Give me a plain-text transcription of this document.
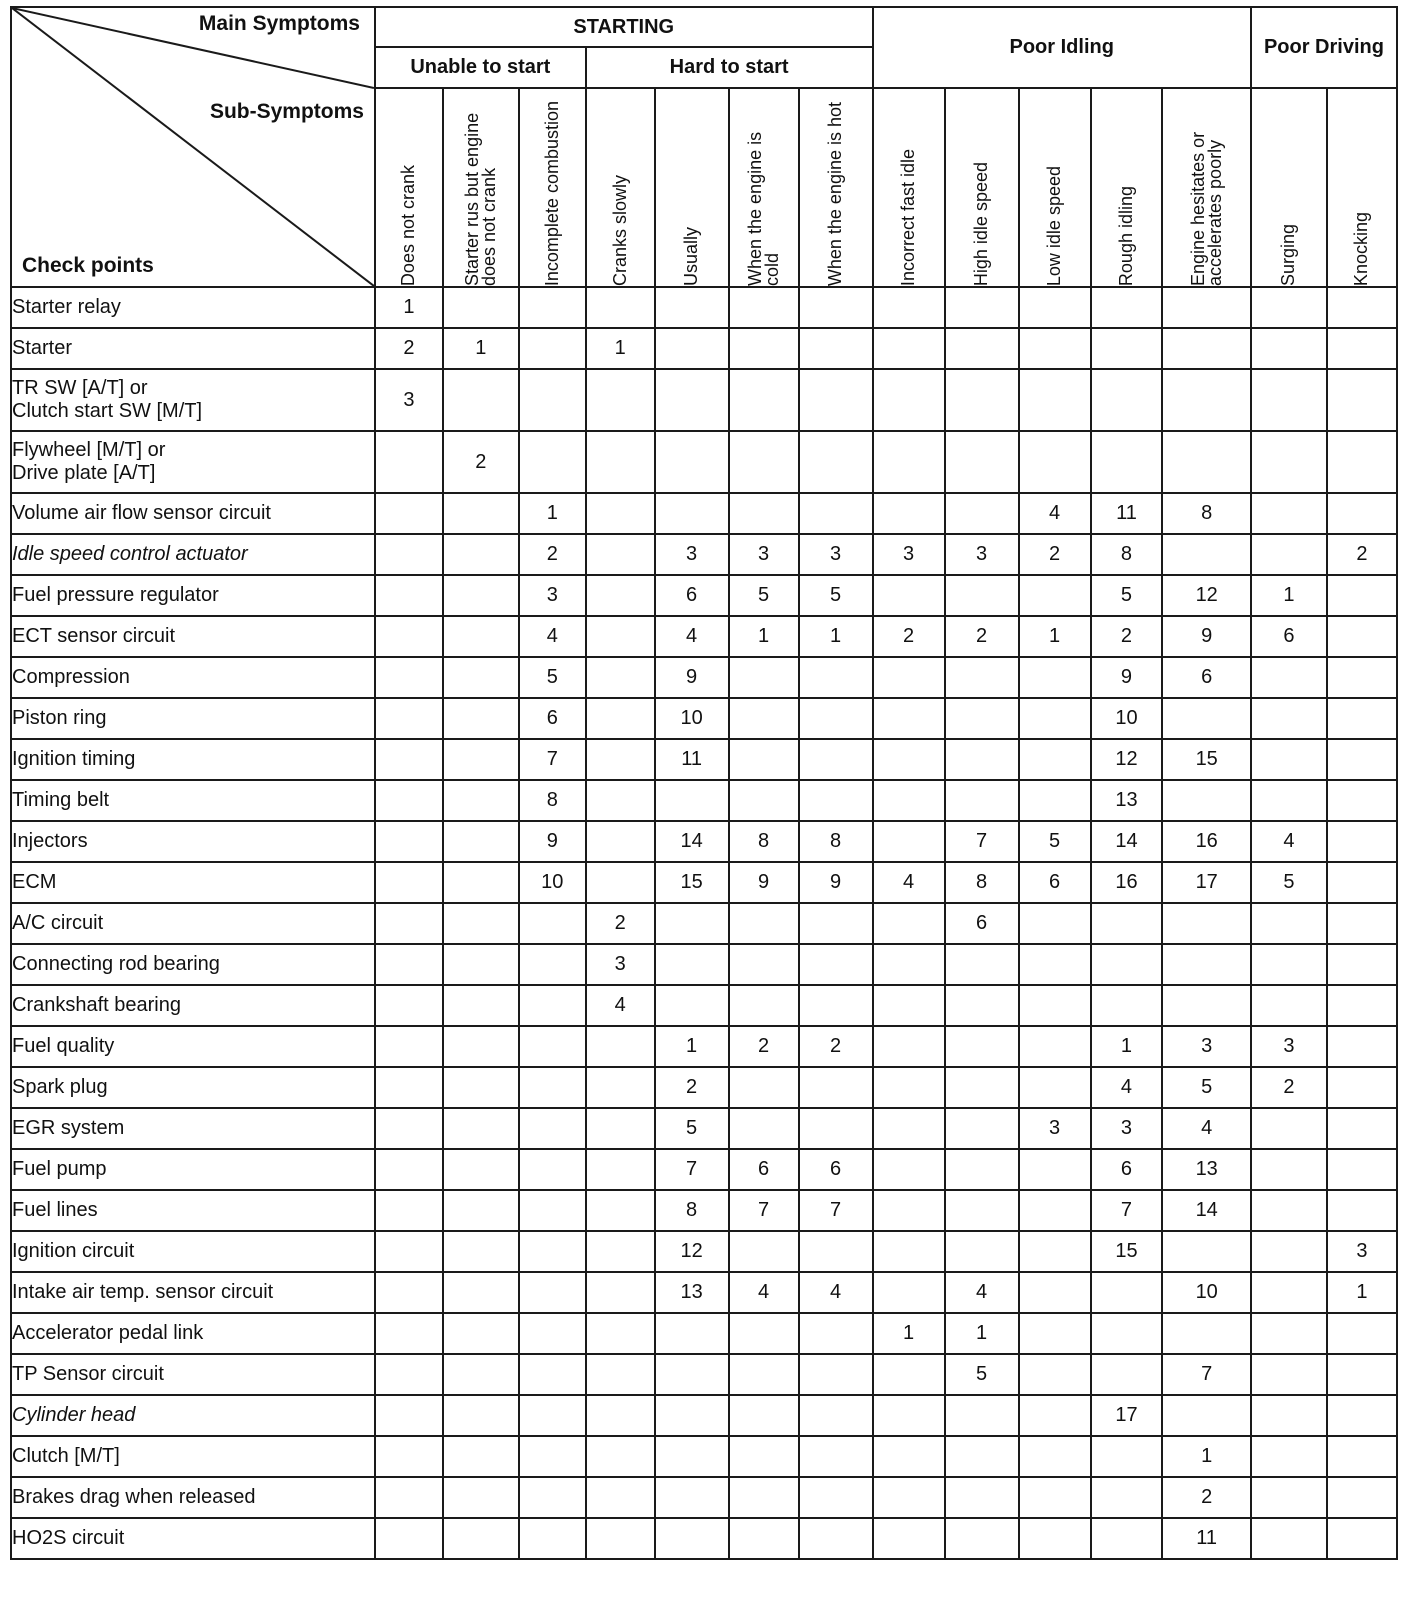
Main Symptoms
Sub-Symptoms
Check points	STARTING							Poor Idling					Poor Driving	
	Unable to start			Hard to start										

	Does not crank	Starter rus but engine does not crank	Incomplete combustion	Cranks slowly	Usually	When the engine is cold	When the engine is hot	Incorrect fast idle	High idle speed	Low idle speed	Rough idling	Engine hesitates or accelerates poorly	Surging	Knocking

Starter relay	1													

Starter	2	1		1										

TR SW [A/T] or
Clutch start SW [M/T]	3													

Flywheel [M/T] or
Drive plate [A/T]		2												

Volume air flow sensor circuit			1							4	11	8		

Idle speed control actuator			2		3	3	3	3	3	2	8			2

Fuel pressure regulator			3		6	5	5				5	12	1	

ECT sensor circuit			4		4	1	1	2	2	1	2	9	6	

Compression			5		9						9	6		

Piston ring			6		10						10			

Ignition timing			7		11						12	15		

Timing belt			8								13			

Injectors			9		14	8	8		7	5	14	16	4	

ECM			10		15	9	9	4	8	6	16	17	5	

A/C circuit				2					6					

Connecting rod bearing				3										

Crankshaft bearing				4										

Fuel quality					1	2	2				1	3	3	

Spark plug					2						4	5	2	

EGR system					5					3	3	4		

Fuel pump					7	6	6				6	13		

Fuel lines					8	7	7				7	14		

Ignition circuit					12						15			3

Intake air temp. sensor circuit					13	4	4		4			10		1

Accelerator pedal link								1	1					

TP Sensor circuit									5			7		

Cylinder head											17			

Clutch [M/T]												1		

Brakes drag when released												2		

HO2S circuit												11		
